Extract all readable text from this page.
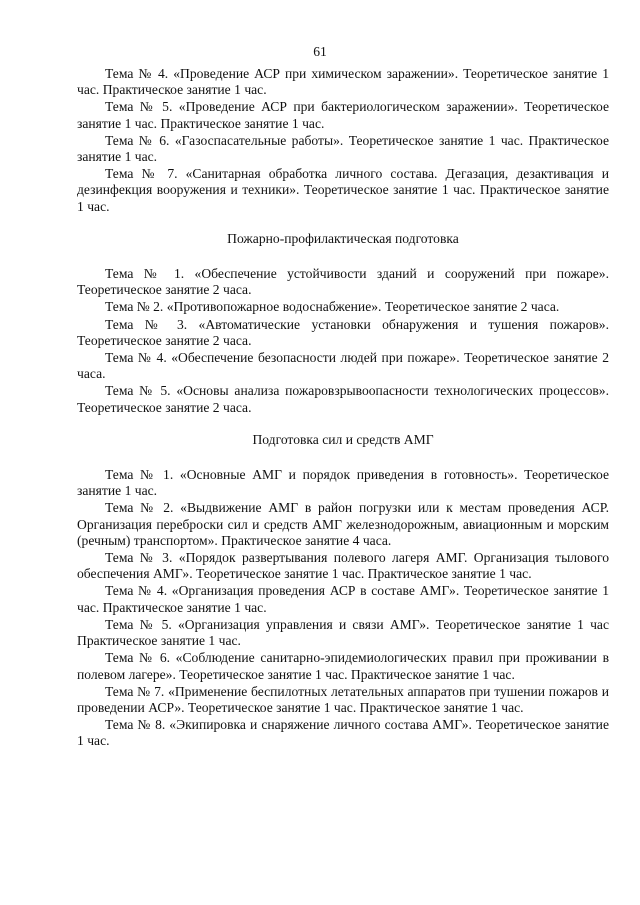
61

Тема № 4. «Проведение АСР при химическом заражении». Теоретическое занятие 1 час. Практическое занятие 1 час.

Тема № 5. «Проведение АСР при бактериологическом заражении». Теоретическое занятие 1 час. Практическое занятие 1 час.

Тема № 6. «Газоспасательные работы». Теоретическое занятие 1 час. Практическое занятие 1 час.

Тема № 7. «Санитарная обработка личного состава. Дегазация, дезактивация и дезинфекция вооружения и техники». Теоретическое занятие 1 час. Практическое занятие 1 час.

Пожарно-профилактическая подготовка

Тема № 1. «Обеспечение устойчивости зданий и сооружений при пожаре». Теоретическое занятие 2 часа.

Тема № 2. «Противопожарное водоснабжение». Теоретическое занятие 2 часа.

Тема № 3. «Автоматические установки обнаружения и тушения пожаров». Теоретическое занятие 2 часа.

Тема № 4. «Обеспечение безопасности людей при пожаре». Теоретическое занятие 2 часа.

Тема № 5. «Основы анализа пожаровзрывоопасности технологических процессов». Теоретическое занятие 2 часа.

Подготовка сил и средств АМГ

Тема № 1. «Основные АМГ и порядок приведения в готовность». Теоретическое занятие 1 час.

Тема № 2. «Выдвижение АМГ в район погрузки или к местам проведения АСР. Организация переброски сил и средств АМГ железнодорожным, авиационным и морским (речным) транспортом». Практическое занятие 4 часа.

Тема № 3. «Порядок развертывания полевого лагеря АМГ. Организация тылового обеспечения АМГ». Теоретическое занятие 1 час. Практическое занятие 1 час.

Тема № 4. «Организация проведения АСР в составе АМГ». Теоретическое занятие 1 час. Практическое занятие 1 час.

Тема № 5. «Организация управления и связи АМГ». Теоретическое занятие 1 час Практическое занятие 1 час.

Тема № 6. «Соблюдение санитарно-эпидемиологических правил при проживании в полевом лагере». Теоретическое занятие 1 час. Практическое занятие 1 час.

Тема № 7. «Применение беспилотных летательных аппаратов при тушении пожаров и проведении АСР». Теоретическое занятие 1 час. Практическое занятие 1 час.

Тема № 8. «Экипировка и снаряжение личного состава АМГ». Теоретическое занятие 1 час.
